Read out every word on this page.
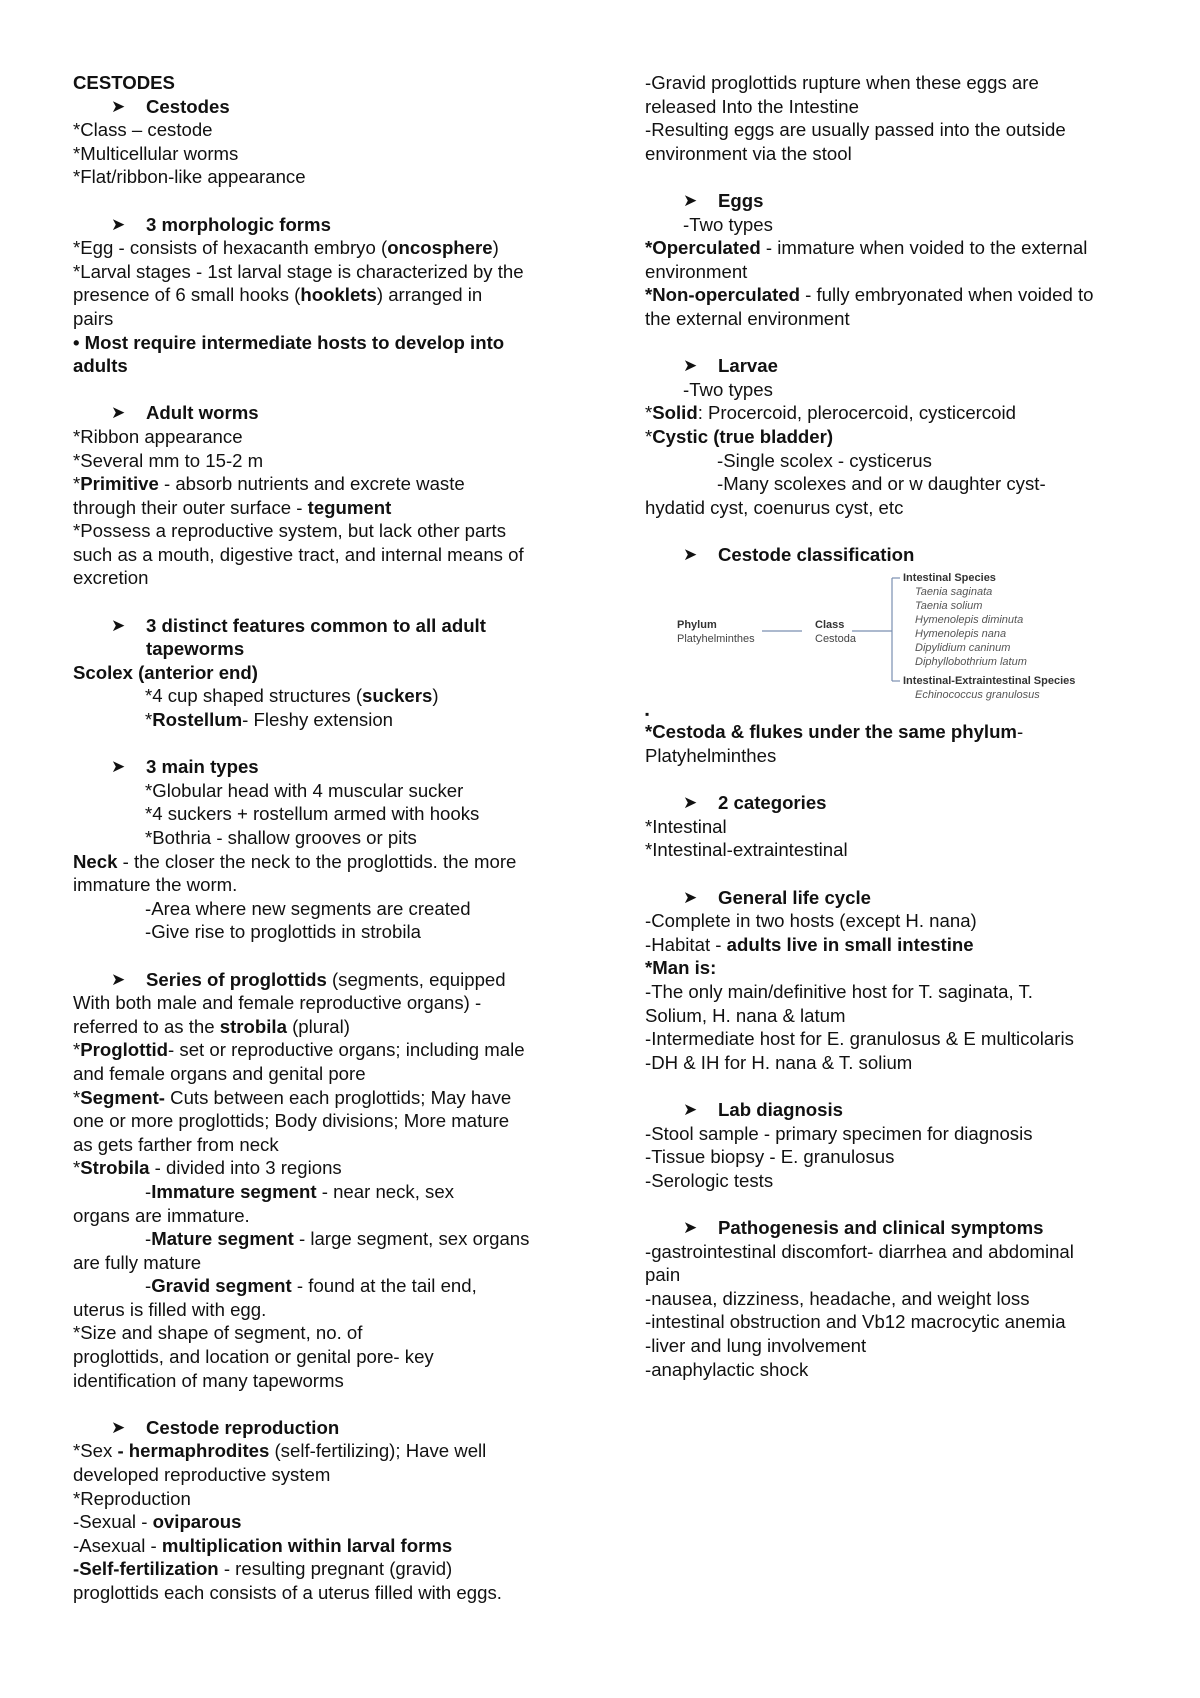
CESTODES
➤	Cestodes
*Class – cestode
*Multicellular worms
*Flat/ribbon-like appearance
➤	3 morphologic forms
*Egg - consists of hexacanth embryo (oncosphere)
*Larval stages - 1st larval stage is characterized by the
presence of 6 small hooks (hooklets) arranged in
pairs
• Most require intermediate hosts to develop into
adults
➤	Adult worms
*Ribbon appearance
*Several mm to 15-2 m
*Primitive - absorb nutrients and excrete waste
through their outer surface - tegument
*Possess a reproductive system, but lack other parts
such as a mouth, digestive tract, and internal means of
excretion
➤	3 distinct features common to all adult tapeworms
Scolex (anterior end)
*4 cup shaped structures (suckers)
*Rostellum- Fleshy extension
➤	3 main types
*Globular head with 4 muscular sucker
*4 suckers + rostellum armed with hooks
*Bothria - shallow grooves or pits
Neck - the closer the neck to the proglottids. the more
immature the worm.
-Area where new segments are created
-Give rise to proglottids in strobila
➤	Series of proglottids (segments, equipped
With both male and female reproductive organs) -
referred to as the strobila (plural)
*Proglottid- set or reproductive organs; including male
and female organs and genital pore
*Segment- Cuts between each proglottids; May have
one or more proglottids; Body divisions; More mature
as gets farther from neck
*Strobila - divided into 3 regions
-Immature segment - near neck, sex
organs are immature.
-Mature segment - large segment, sex organs
are fully mature
-Gravid segment - found at the tail end,
uterus is filled with egg.
*Size and shape of segment, no. of
proglottids, and location or genital pore- key
identification of many tapeworms
➤	Cestode reproduction
*Sex - hermaphrodites (self-fertilizing); Have well
developed reproductive system
*Reproduction
-Sexual - oviparous
-Asexual - multiplication within larval forms
-Self-fertilization - resulting pregnant (gravid)
proglottids each consists of a uterus filled with eggs.
-Gravid proglottids rupture when these eggs are
released Into the Intestine
-Resulting eggs are usually passed into the outside
environment via the stool
➤	Eggs
-Two types
*Operculated - immature when voided to the external
environment
*Non-operculated - fully embryonated when voided to
the external environment
➤	Larvae
-Two types
*Solid: Procercoid, plerocercoid, cysticercoid
*Cystic (true bladder)
-Single scolex - cysticerus
-Many scolexes and or w daughter cyst-
hydatid cyst, coenurus cyst, etc
➤	Cestode classification
Phylum
Platyhelminthes
Class
Cestoda
Intestinal Species
Taenia saginata
Taenia solium
Hymenolepis diminuta
Hymenolepis nana
Dipylidium caninum
Diphyllobothrium latum
Intestinal-Extraintestinal Species
Echinococcus granulosus
▪
*Cestoda & flukes under the same phylum-
Platyhelminthes
➤	2 categories
*Intestinal
*Intestinal-extraintestinal
➤	General life cycle
-Complete in two hosts (except H. nana)
-Habitat - adults live in small intestine
*Man is:
-The only main/definitive host for T. saginata, T.
Solium, H. nana & latum
-Intermediate host for E. granulosus & E multicolaris
-DH & IH for H. nana & T. solium
➤	Lab diagnosis
-Stool sample - primary specimen for diagnosis
-Tissue biopsy - E. granulosus
-Serologic tests
➤	Pathogenesis and clinical symptoms
-gastrointestinal discomfort- diarrhea and abdominal
pain
-nausea, dizziness, headache, and weight loss
-intestinal obstruction and Vb12 macrocytic anemia
-liver and lung involvement
-anaphylactic shock
